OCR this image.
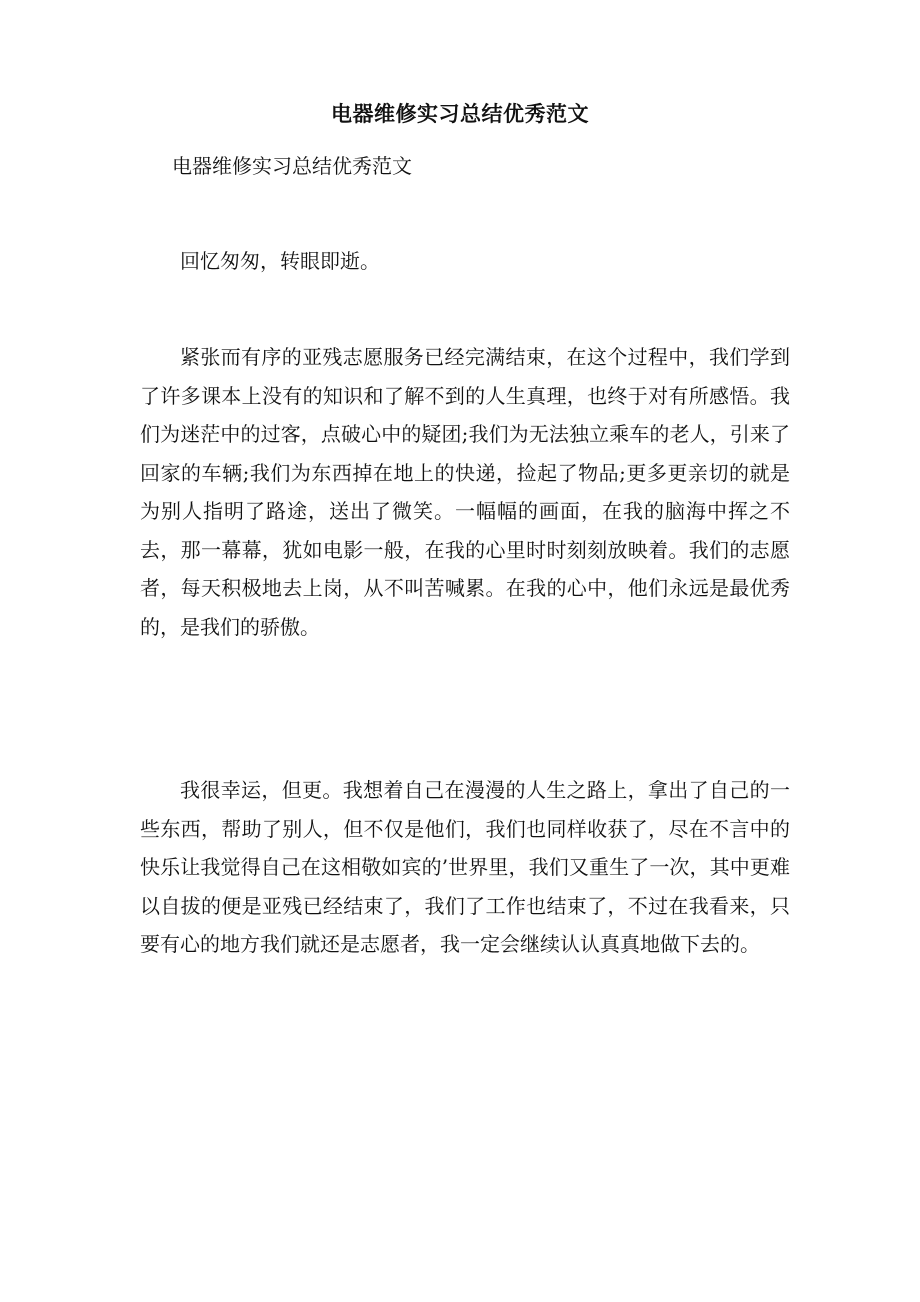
电器维修实习总结优秀范文
电器维修实习总结优秀范文

回忆匆匆，转眼即逝。

紧张而有序的亚残志愿服务已经完满结束，在这个过程中，我们学到了许多课本上没有的知识和了解不到的人生真理，也终于对有所感悟。我们为迷茫中的过客，点破心中的疑团;我们为无法独立乘车的老人，引来了回家的车辆;我们为东西掉在地上的快递，捡起了物品;更多更亲切的就是为别人指明了路途，送出了微笑。一幅幅的画面，在我的脑海中挥之不去，那一幕幕，犹如电影一般，在我的心里时时刻刻放映着。我们的志愿者，每天积极地去上岗，从不叫苦喊累。在我的心中，他们永远是最优秀的，是我们的骄傲。

我很幸运，但更。我想着自己在漫漫的人生之路上，拿出了自己的一些东西，帮助了别人，但不仅是他们，我们也同样收获了，尽在不言中的快乐让我觉得自己在这相敬如宾的’世界里，我们又重生了一次，其中更难以自拔的便是亚残已经结束了，我们了工作也结束了，不过在我看来，只要有心的地方我们就还是志愿者，我一定会继续认认真真地做下去的。
